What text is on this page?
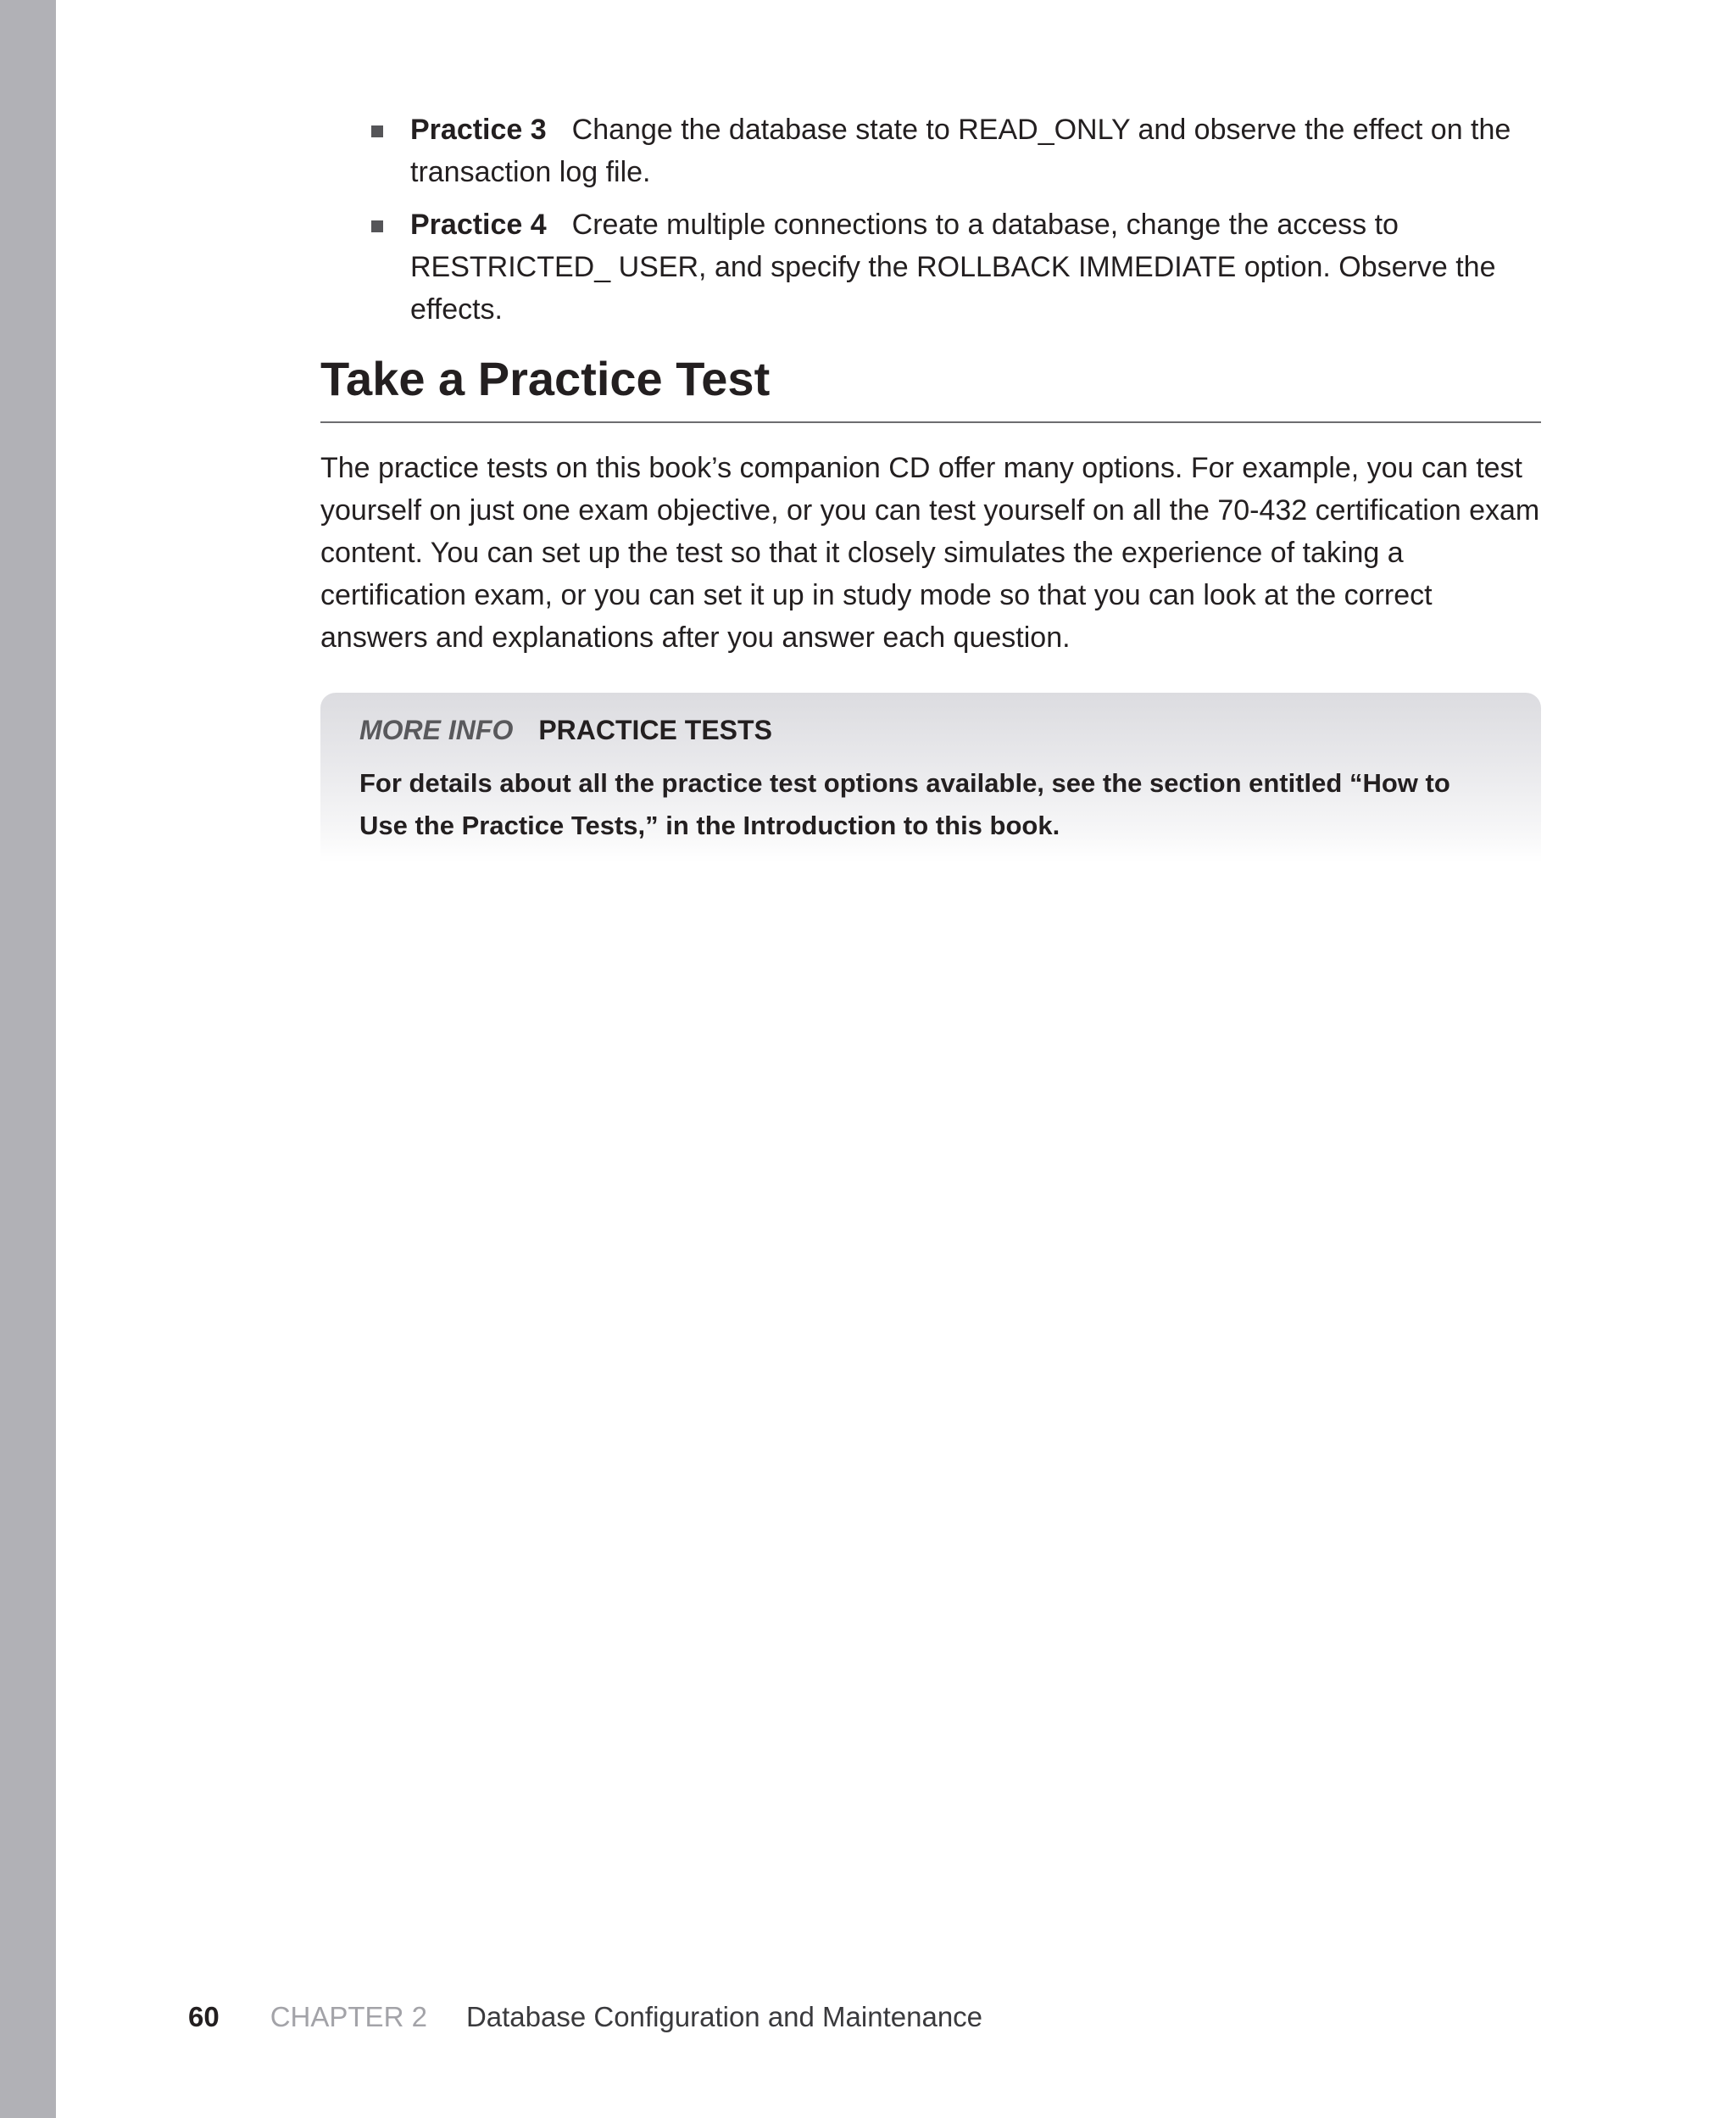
Practice 3 Change the database state to READ_ONLY and observe the effect on the transaction log file.
Practice 4 Create multiple connections to a database, change the access to RESTRICTED_ USER, and specify the ROLLBACK IMMEDIATE option. Observe the effects.
Take a Practice Test

The practice tests on this book’s companion CD offer many options. For example, you can test yourself on just one exam objective, or you can test yourself on all the 70-432 certification exam content. You can set up the test so that it closely simulates the experience of taking a certification exam, or you can set it up in study mode so that you can look at the correct answers and explanations after you answer each question.

MORE INFO PRACTICE TESTS

For details about all the practice test options available, see the section entitled “How to Use the Practice Tests,” in the Introduction to this book.

60 CHAPTER 2 Database Configuration and Maintenance
